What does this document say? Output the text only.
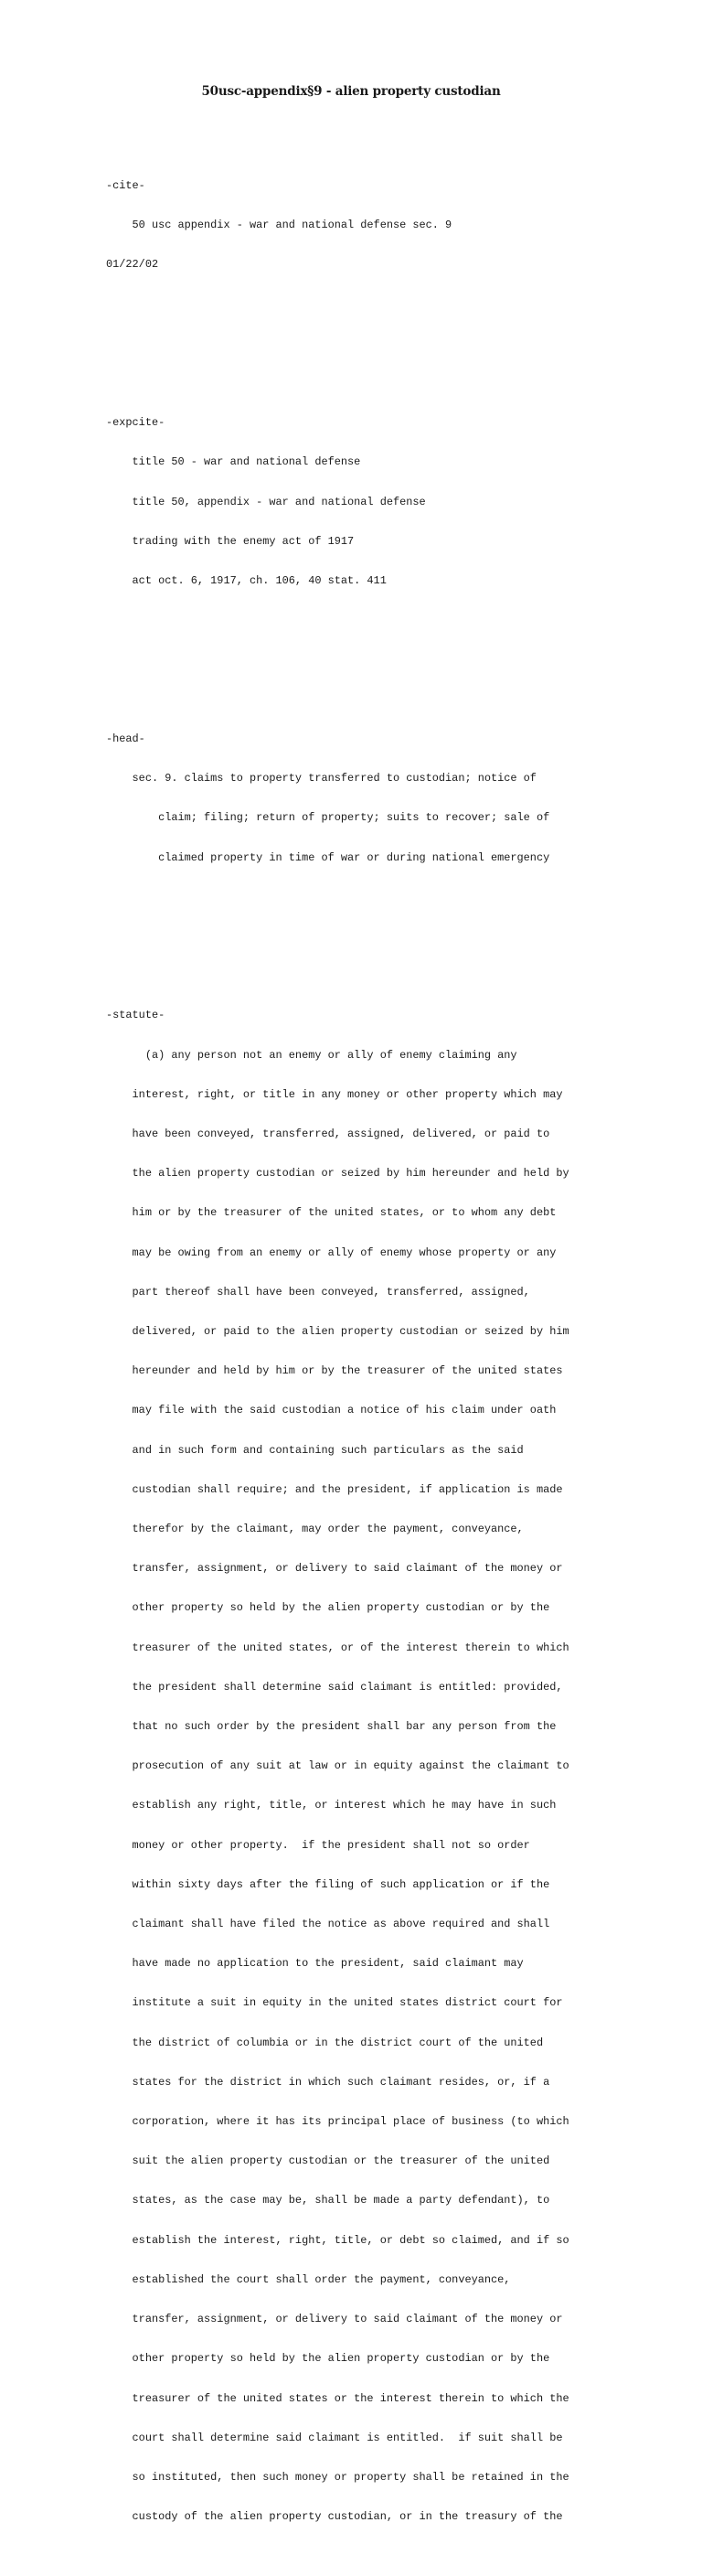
50usc-appendix§9 - alien property custodian

-cite-

50 usc appendix - war and national defense sec. 9

01/22/02

-expcite-

title 50 - war and national defense

title 50, appendix - war and national defense

trading with the enemy act of 1917

act oct. 6, 1917, ch. 106, 40 stat. 411

-head-

sec. 9. claims to property transferred to custodian; notice of

claim; filing; return of property; suits to recover; sale of

claimed property in time of war or during national emergency

-statute-

(a) any person not an enemy or ally of enemy claiming any

interest, right, or title in any money or other property which may

have been conveyed, transferred, assigned, delivered, or paid to

the alien property custodian or seized by him hereunder and held by

him or by the treasurer of the united states, or to whom any debt

may be owing from an enemy or ally of enemy whose property or any

part thereof shall have been conveyed, transferred, assigned,

delivered, or paid to the alien property custodian or seized by him

hereunder and held by him or by the treasurer of the united states

may file with the said custodian a notice of his claim under oath

and in such form and containing such particulars as the said

custodian shall require; and the president, if application is made

therefor by the claimant, may order the payment, conveyance,

transfer, assignment, or delivery to said claimant of the money or

other property so held by the alien property custodian or by the

treasurer of the united states, or of the interest therein to which

the president shall determine said claimant is entitled: provided,

that no such order by the president shall bar any person from the

prosecution of any suit at law or in equity against the claimant to

establish any right, title, or interest which he may have in such

money or other property.  if the president shall not so order

within sixty days after the filing of such application or if the

claimant shall have filed the notice as above required and shall

have made no application to the president, said claimant may

institute a suit in equity in the united states district court for

the district of columbia or in the district court of the united

states for the district in which such claimant resides, or, if a

corporation, where it has its principal place of business (to which

suit the alien property custodian or the treasurer of the united

states, as the case may be, shall be made a party defendant), to

establish the interest, right, title, or debt so claimed, and if so

established the court shall order the payment, conveyance,

transfer, assignment, or delivery to said claimant of the money or

other property so held by the alien property custodian or by the

treasurer of the united states or the interest therein to which the

court shall determine said claimant is entitled.  if suit shall be

so instituted, then such money or property shall be retained in the

custody of the alien property custodian, or in the treasury of the
